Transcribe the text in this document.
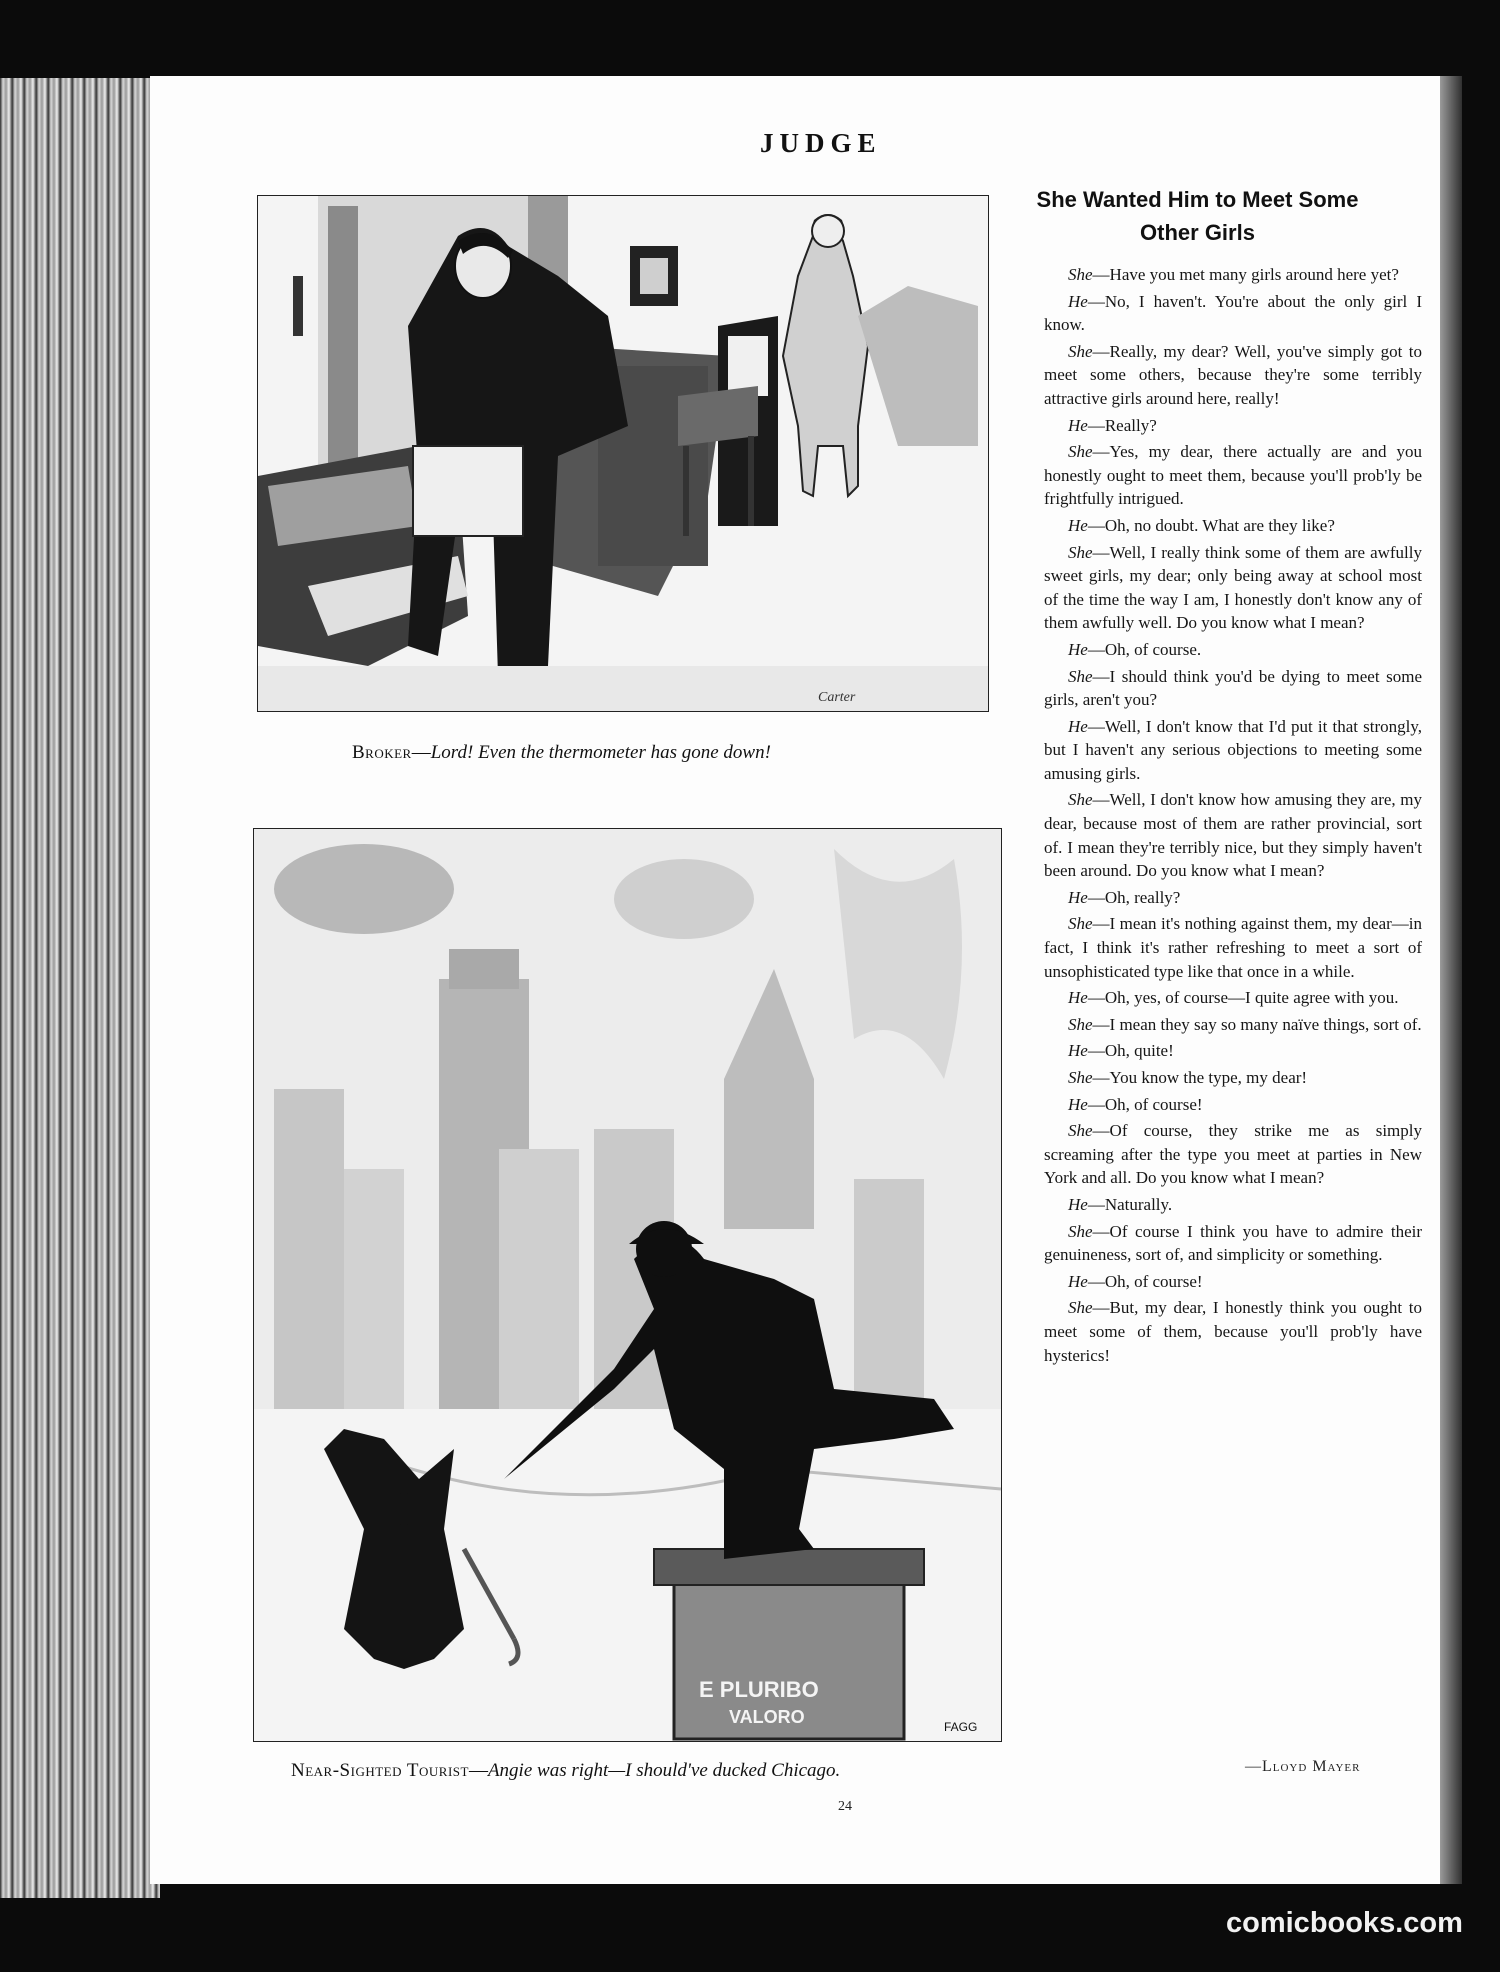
JUDGE
Carter
Broker—Lord! Even the thermometer has gone down!
E PLURIBO
VALORO	FAGG
Near-Sighted Tourist—Angie was right—I should've ducked Chicago.
24
She Wanted Him to Meet Some Other Girls

She—Have you met many girls around here yet?

He—No, I haven't. You're about the only girl I know.

She—Really, my dear? Well, you've simply got to meet some others, because they're some terribly attractive girls around here, really!

He—Really?

She—Yes, my dear, there actually are and you honestly ought to meet them, because you'll prob'ly be frightfully intrigued.

He—Oh, no doubt. What are they like?

She—Well, I really think some of them are awfully sweet girls, my dear; only being away at school most of the time the way I am, I honestly don't know any of them awfully well. Do you know what I mean?

He—Oh, of course.

She—I should think you'd be dying to meet some girls, aren't you?

He—Well, I don't know that I'd put it that strongly, but I haven't any serious objections to meeting some amusing girls.

She—Well, I don't know how amusing they are, my dear, because most of them are rather provincial, sort of. I mean they're terribly nice, but they simply haven't been around. Do you know what I mean?

He—Oh, really?

She—I mean it's nothing against them, my dear—in fact, I think it's rather refreshing to meet a sort of unsophisticated type like that once in a while.

He—Oh, yes, of course—I quite agree with you.

She—I mean they say so many naïve things, sort of.

He—Oh, quite!

She—You know the type, my dear!

He—Oh, of course!

She—Of course, they strike me as simply screaming after the type you meet at parties in New York and all. Do you know what I mean?

He—Naturally.

She—Of course I think you have to admire their genuineness, sort of, and simplicity or something.

He—Oh, of course!

She—But, my dear, I honestly think you ought to meet some of them, because you'll prob'ly have hysterics!

—Lloyd Mayer
comicbooks.com
